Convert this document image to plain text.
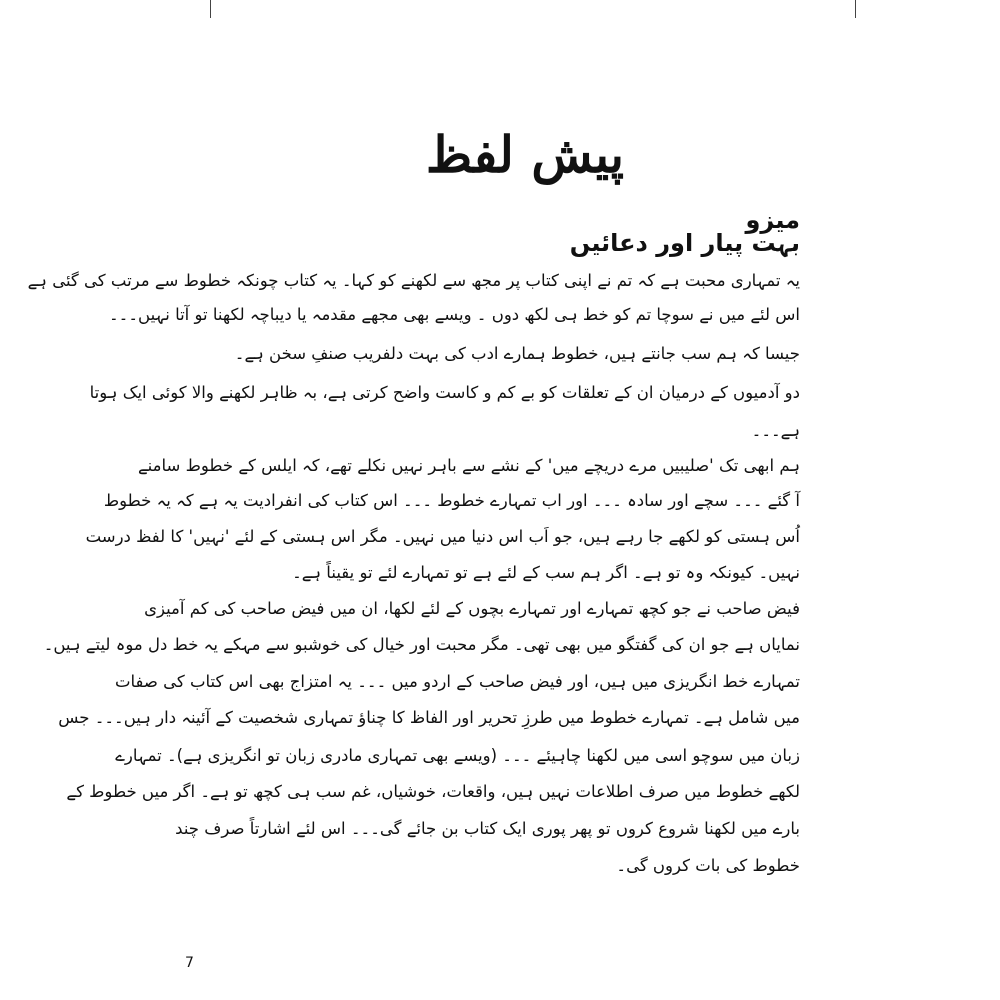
پیش لفظ
میزو
بہت پیار اور دعائیں
یہ تمہاری محبت ہے کہ تم نے اپنی کتاب پر مجھ سے لکھنے کو کہا۔ یہ کتاب چونکہ خطوط سے مرتب کی گئی ہے
اس لئے میں نے سوچا تم کو خط ہی لکھ دوں ۔ ویسے بھی مجھے مقدمہ یا دیباچہ لکھنا تو آتا نہیں۔۔۔
جیسا کہ ہم سب جانتے ہیں، خطوط ہمارے ادب کی بہت دلفریب صنفِ سخن ہے۔
دو آدمیوں کے درمیان ان کے تعلقات کو بے کم و کاست واضح کرتی ہے، بہ ظاہر لکھنے والا کوئی ایک ہوتا
ہے۔۔۔
ہم ابھی تک 'صلیبیں مرے دریچے میں' کے نشے سے باہر نہیں نکلے تھے، کہ ایلس کے خطوط سامنے
آ گئے ۔۔۔ سچے اور سادہ ۔۔۔ اور اب تمہارے خطوط ۔۔۔ اس کتاب کی انفرادیت یہ ہے کہ یہ خطوط
اُس ہستی کو لکھے جا رہے ہیں، جو اَب اس دنیا میں نہیں۔ مگر اس ہستی کے لئے 'نہیں' کا لفظ درست
نہیں۔ کیونکہ وہ تو ہے۔ اگر ہم سب کے لئے ہے تو تمہارے لئے تو یقیناً ہے۔
فیض صاحب نے جو کچھ تمہارے اور تمہارے بچوں کے لئے لکھا، ان میں فیض صاحب کی کم آمیزی
نمایاں ہے جو ان کی گفتگو میں بھی تھی۔ مگر محبت اور خیال کی خوشبو سے مہکے یہ خط دل موہ لیتے ہیں۔
تمہارے خط انگریزی میں ہیں، اور فیض صاحب کے اردو میں ۔۔۔ یہ امتزاج بھی اس کتاب کی صفات
میں شامل ہے۔ تمہارے خطوط میں طرزِ تحریر اور الفاظ کا چناؤ تمہاری شخصیت کے آئینہ دار ہیں۔۔۔ جس
زبان میں سوچو اسی میں لکھنا چاہیئے ۔۔۔ (ویسے بھی تمہاری مادری زبان تو انگریزی ہے)۔ تمہارے
لکھے خطوط میں صرف اطلاعات نہیں ہیں، واقعات، خوشیاں، غم سب ہی کچھ تو ہے۔ اگر میں خطوط کے
بارے میں لکھنا شروع کروں تو پھر پوری ایک کتاب بن جائے گی۔۔۔ اس لئے اشارتاً صرف چند
خطوط کی بات کروں گی۔
7
